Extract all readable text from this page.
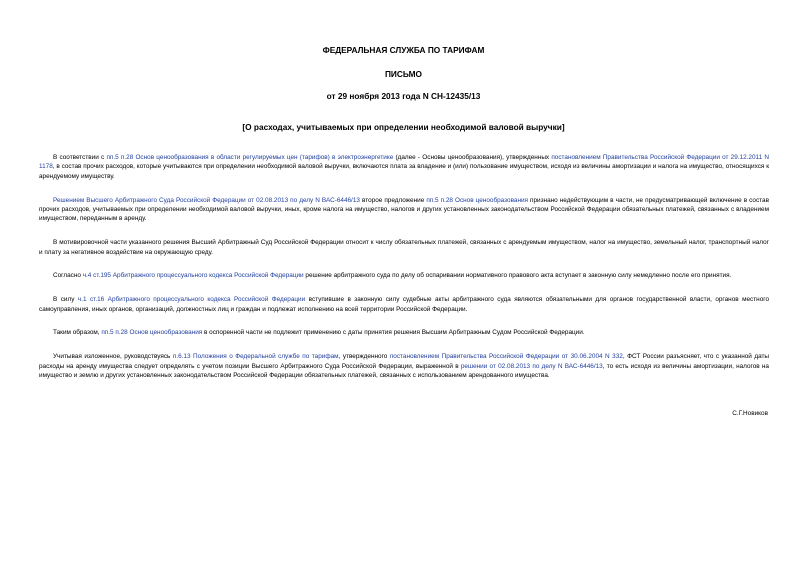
ФЕДЕРАЛЬНАЯ СЛУЖБА ПО ТАРИФАМ
ПИСЬМО
от 29 ноября 2013 года N СН-12435/13
[О расходах, учитываемых при определении необходимой валовой выручки]

В соответствии с пп.5 п.28 Основ ценообразования в области регулируемых цен (тарифов) в электроэнергетике (далее - Основы ценообразования), утвержденных постановлением Правительства Российской Федерации от 29.12.2011 N 1178, в состав прочих расходов, которые учитываются при определении необходимой валовой выручки, включаются плата за владение и (или) пользование имуществом, исходя из величины амортизации и налога на имущество, относящихся к арендуемому имуществу.

Решением Высшего Арбитражного Суда Российской Федерации от 02.08.2013 по делу N ВАС-6446/13 второе предложение пп.5 п.28 Основ ценообразования признано недействующим в части, не предусматривающей включение в состав прочих расходов, учитываемых при определении необходимой валовой выручки, иных, кроме налога на имущество, налогов и других установленных законодательством Российской Федерации обязательных платежей, связанных с владением имуществом, переданным в аренду.

В мотивировочной части указанного решения Высший Арбитражный Суд Российской Федерации относит к числу обязательных платежей, связанных с арендуемым имуществом, налог на имущество, земельный налог, транспортный налог и плату за негативное воздействие на окружающую среду.

Согласно ч.4 ст.195 Арбитражного процессуального кодекса Российской Федерации решение арбитражного суда по делу об оспаривании нормативного правового акта вступает в законную силу немедленно после его принятия.

В силу ч.1 ст.16 Арбитражного процессуального кодекса Российской Федерации вступившие в законную силу судебные акты арбитражного суда являются обязательными для органов государственной власти, органов местного самоуправления, иных органов, организаций, должностных лиц и граждан и подлежат исполнению на всей территории Российской Федерации.

Таким образом, пп.5 п.28 Основ ценообразования в оспоренной части не подлежит применению с даты принятия решения Высшим Арбитражным Судом Российской Федерации.

Учитывая изложенное, руководствуясь п.6.13 Положения о Федеральной службе по тарифам, утвержденного постановлением Правительства Российской Федерации от 30.06.2004 N 332, ФСТ России разъясняет, что с указанной даты расходы на аренду имущества следует определять с учетом позиции Высшего Арбитражного Суда Российской Федерации, выраженной в решении от 02.08.2013 по делу N ВАС-6446/13, то есть исходя из величины амортизации, налогов на имущество и землю и других установленных законодательством Российской Федерации обязательных платежей, связанных с использованием арендованного имущества.

С.Г.Новиков
